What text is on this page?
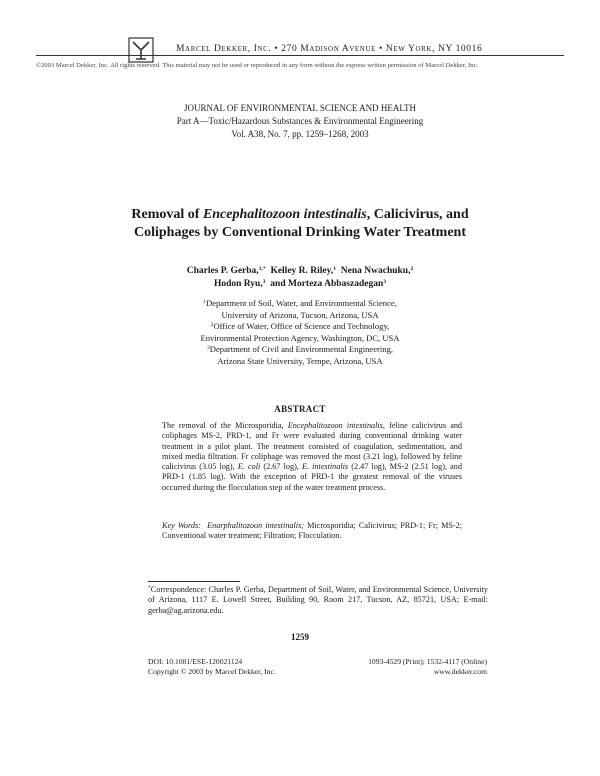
Marcel Dekker, Inc. • 270 Madison Avenue • New York, NY 10016
©2003 Marcel Dekker, Inc. All rights reserved. This material may not be used or reproduced in any form without the express written permission of Marcel Dekker, Inc.
JOURNAL OF ENVIRONMENTAL SCIENCE AND HEALTH
Part A—Toxic/Hazardous Substances & Environmental Engineering
Vol. A38, No. 7, pp. 1259–1268, 2003
Removal of Encephalitozoon intestinalis, Calicivirus, and
Coliphages by Conventional Drinking Water Treatment
Charles P. Gerba,$^{1,*}$ Kelley R. Riley,$^1$ Nena Nwachuku,$^2$
Hodon Ryu,$^3$ and Morteza Abbaszadegan$^3$
$^1$Department of Soil, Water, and Environmental Science,
University of Arizona, Tucson, Arizona, USA
$^2$Office of Water, Office of Science and Technology,
Environmental Protection Agency, Washington, DC, USA
$^3$Department of Civil and Environmental Engineering,
Arizona State University, Tempe, Arizona, USA
ABSTRACT
The removal of the Microsporidia, Encephalitozoon intestinalis, feline calicivirus and coliphages MS-2, PRD-1, and Fr were evaluated during conventional drinking water treatment in a pilot plant. The treatment consisted of coagulation, sedimentation, and mixed media filtration. Fr coliphage was removed the most (3.21 log), followed by feline calicivirus (3.05 log), E. coli (2.67 log), E. intestinalis (2.47 log), MS-2 (2.51 log), and PRD-1 (1.85 log). With the exception of PRD-1 the greatest removal of the viruses occurred during the flocculation step of the water treatment process.
Key Words: Enarphalitozoon intestinalis; Microsporidia; Calicivirus; PRD-1; Fr; MS-2; Conventional water treatment; Filtration; Flocculation.
*Correspondence: Charles P. Gerba, Department of Soil, Water, and Environmental Science, University of Arizona, 1117 E. Lowell Street, Building 90, Room 217, Tucson, AZ, 85721, USA; E-mail: gerba@ag.arizona.edu.
1259
DOI: 10.1081/ESE-120021124
Copyright © 2003 by Marcel Dekker, Inc.
1093-4529 (Print); 1532-4117 (Online)
www.dekker.com
